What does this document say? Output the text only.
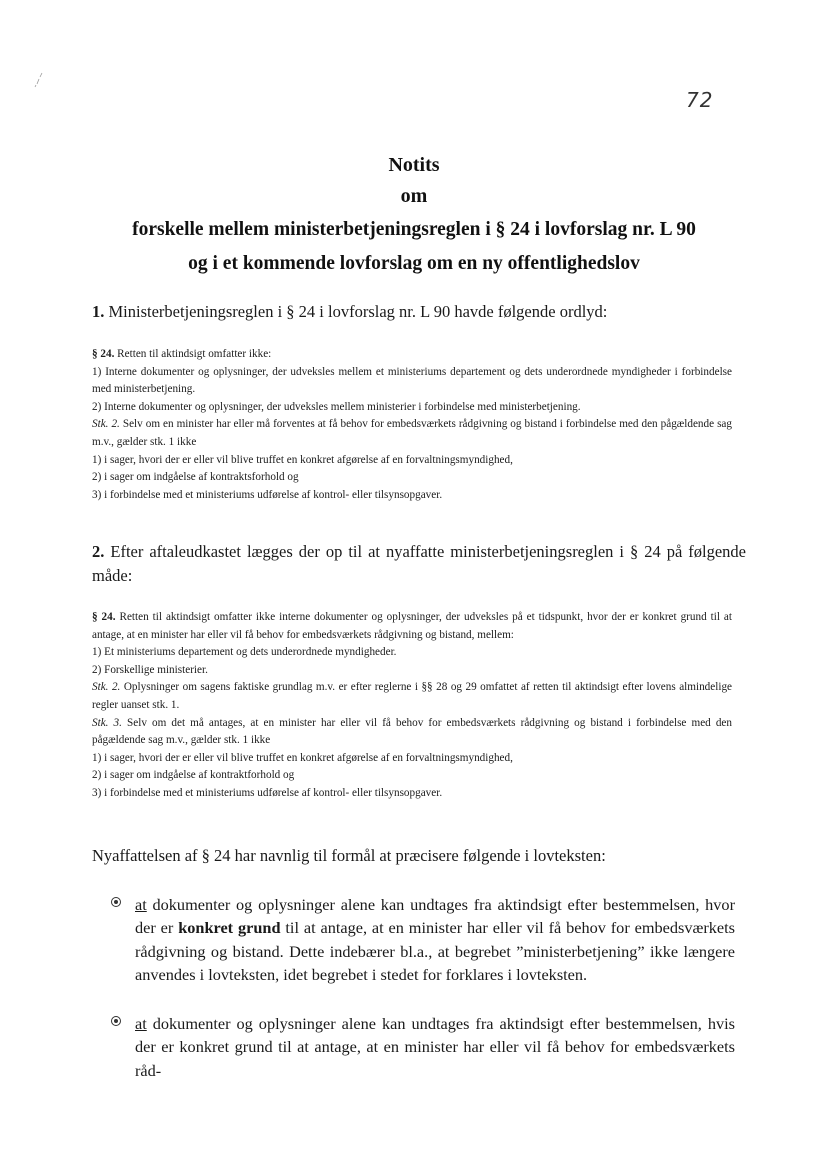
72
Notits
om
forskelle mellem ministerbetjeningsreglen i § 24 i lovforslag nr. L 90
og i et kommende lovforslag om en ny offentlighedslov
1. Ministerbetjeningsreglen i § 24 i lovforslag nr. L 90 havde følgende ordlyd:

§ 24. Retten til aktindsigt omfatter ikke:

1) Interne dokumenter og oplysninger, der udveksles mellem et ministeriums departement og dets underordnede myndigheder i forbindelse med ministerbetjening.

2) Interne dokumenter og oplysninger, der udveksles mellem ministerier i forbindelse med ministerbetjening.

Stk. 2. Selv om en minister har eller må forventes at få behov for embedsværkets rådgivning og bistand i forbindelse med den pågældende sag m.v., gælder stk. 1 ikke

1) i sager, hvori der er eller vil blive truffet en konkret afgørelse af en forvaltningsmyndighed,

2) i sager om indgåelse af kontraktsforhold og

3) i forbindelse med et ministeriums udførelse af kontrol- eller tilsynsopgaver.

2. Efter aftaleudkastet lægges der op til at nyaffatte ministerbetjeningsreglen i § 24 på følgende måde:

§ 24. Retten til aktindsigt omfatter ikke interne dokumenter og oplysninger, der udveksles på et tidspunkt, hvor der er konkret grund til at antage, at en minister har eller vil få behov for embedsværkets rådgivning og bistand, mellem:

1) Et ministeriums departement og dets underordnede myndigheder.

2) Forskellige ministerier.

Stk. 2. Oplysninger om sagens faktiske grundlag m.v. er efter reglerne i §§ 28 og 29 omfattet af retten til aktindsigt efter lovens almindelige regler uanset stk. 1.

Stk. 3. Selv om det må antages, at en minister har eller vil få behov for embedsværkets rådgivning og bistand i forbindelse med den pågældende sag m.v., gælder stk. 1 ikke

1) i sager, hvori der er eller vil blive truffet en konkret afgørelse af en forvaltningsmyndighed,

2) i sager om indgåelse af kontraktforhold og

3) i forbindelse med et ministeriums udførelse af kontrol- eller tilsynsopgaver.

Nyaffattelsen af § 24 har navnlig til formål at præcisere følgende i lovteksten:
at dokumenter og oplysninger alene kan undtages fra aktindsigt efter bestemmelsen, hvor der er konkret grund til at antage, at en minister har eller vil få behov for embedsværkets rådgivning og bistand. Dette indebærer bl.a., at begrebet ”ministerbetjening” ikke længere anvendes i lovteksten, idet begrebet i stedet for forklares i lovteksten.
at dokumenter og oplysninger alene kan undtages fra aktindsigt efter bestemmelsen, hvis der er konkret grund til at antage, at en minister har eller vil få behov for embedsværkets råd-
